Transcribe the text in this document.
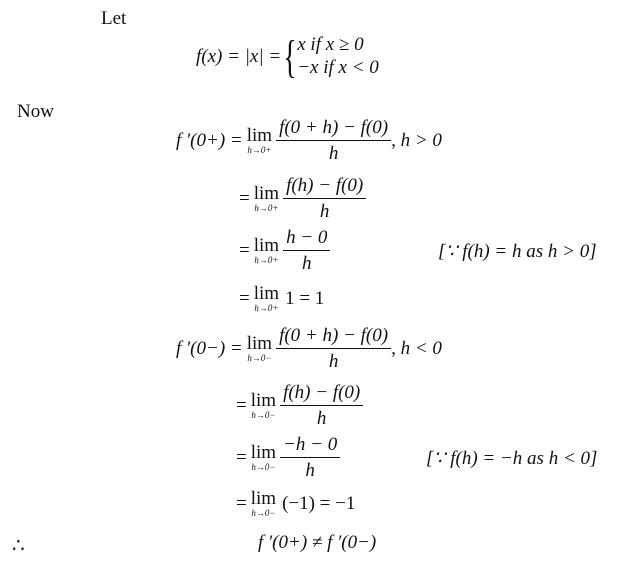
Let
f(x) = |x| = { x if x ≥ 0
−x if x < 0
Now
f ′(0+) = lim
$h\to 0+ \frac{f(0 + h) - f(0)}{h}$ , h > 0
= lim
$h\to 0+ \frac{f(h) - f(0)}{h}$
= lim
$h\to 0+ \frac{h - 0}{h}$	[∵ f(h) = h as h > 0]
= lim
h→0+ 1 = 1
f ′(0−) = lim
$h\to 0- \frac{f(0 + h) - f(0)}{h}$ , h < 0
= lim
$h\to 0- \frac{f(h) - f(0)}{h}$
= lim
$h\to 0- \frac{-h - 0}{h}$	[∵ f(h) = −h as h < 0]
= lim
h→0− (−1) = −1
∴	f ′(0+) ≠ f ′(0−)
